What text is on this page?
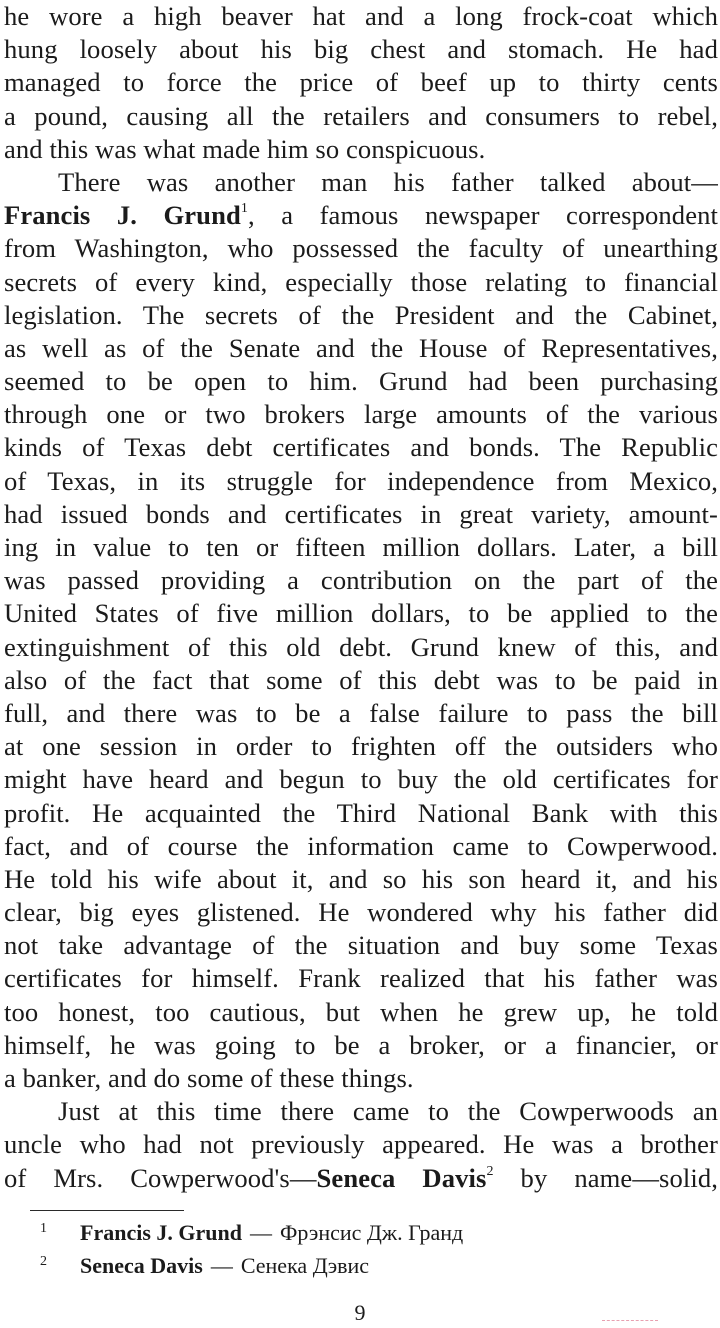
he wore a high beaver hat and a long frock-coat which
hung loosely about his big chest and stomach. He had
managed to force the price of beef up to thirty cents
a pound, causing all the retailers and consumers to rebel,
and this was what made him so conspicuous.
There was another man his father talked about—
Francis J. Grund$^1$, a famous newspaper correspondent
from Washington, who possessed the faculty of unearthing
secrets of every kind, especially those relating to financial
legislation. The secrets of the President and the Cabinet,
as well as of the Senate and the House of Representatives,
seemed to be open to him. Grund had been purchasing
through one or two brokers large amounts of the various
kinds of Texas debt certificates and bonds. The Republic
of Texas, in its struggle for independence from Mexico,
had issued bonds and certificates in great variety, amount-
ing in value to ten or fifteen million dollars. Later, a bill
was passed providing a contribution on the part of the
United States of five million dollars, to be applied to the
extinguishment of this old debt. Grund knew of this, and
also of the fact that some of this debt was to be paid in
full, and there was to be a false failure to pass the bill
at one session in order to frighten off the outsiders who
might have heard and begun to buy the old certificates for
profit. He acquainted the Third National Bank with this
fact, and of course the information came to Cowperwood.
He told his wife about it, and so his son heard it, and his
clear, big eyes glistened. He wondered why his father did
not take advantage of the situation and buy some Texas
certificates for himself. Frank realized that his father was
too honest, too cautious, but when he grew up, he told
himself, he was going to be a broker, or a financier, or
a banker, and do some of these things.
Just at this time there came to the Cowperwoods an
uncle who had not previously appeared. He was a brother
of Mrs. Cowperwood's—Seneca Davis$^2$ by name—solid,
1 Francis J. Grund — Фрэнсис Дж. Гранд
2 Seneca Davis — Сенека Дэвис
9
